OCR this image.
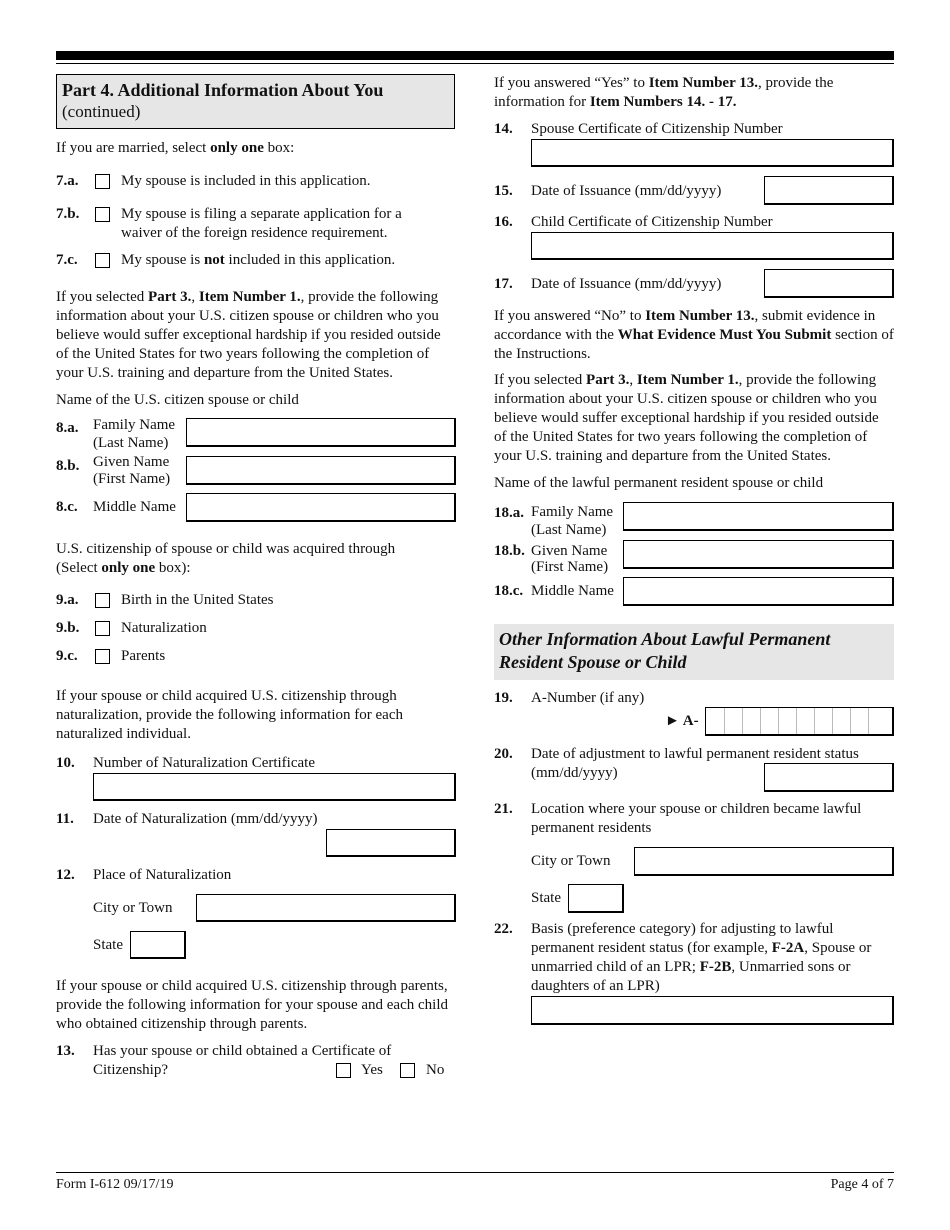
Part 4. Additional Information About You
(continued)
If you are married, select only one box:
7.a.	My spouse is included in this application.
7.b.	My spouse is filing a separate application for a waiver of the foreign residence requirement.
7.c.	My spouse is not included in this application.
If you selected Part 3., Item Number 1., provide the following information about your U.S. citizen spouse or children who you believe would suffer exceptional hardship if you resided outside of the United States for two years following the completion of your U.S. training and departure from the United States.
Name of the U.S. citizen spouse or child
8.a. Family Name
(Last Name)
8.b. Given Name
(First Name)
8.c. Middle Name
U.S. citizenship of spouse or child was acquired through
(Select only one box):
9.a.	Birth in the United States
9.b.	Naturalization
9.c.	Parents
If your spouse or child acquired U.S. citizenship through naturalization, provide the following information for each naturalized individual.
10. Number of Naturalization Certificate
11. Date of Naturalization (mm/dd/yyyy)
12. Place of Naturalization
City or Town
State
If your spouse or child acquired U.S. citizenship through parents, provide the following information for your spouse and each child who obtained citizenship through parents.
13. Has your spouse or child obtained a Certificate of
Citizenship?	Yes	No
If you answered “Yes” to Item Number 13., provide the information for Item Numbers 14. - 17.
14. Spouse Certificate of Citizenship Number
15. Date of Issuance (mm/dd/yyyy)
16. Child Certificate of Citizenship Number
17. Date of Issuance (mm/dd/yyyy)
If you answered “No” to Item Number 13., submit evidence in accordance with the What Evidence Must You Submit section of the Instructions.
If you selected Part 3., Item Number 1., provide the following information about your U.S. citizen spouse or children who you believe would suffer exceptional hardship if you resided outside of the United States for two years following the completion of your U.S. training and departure from the United States.
Name of the lawful permanent resident spouse or child
18.a. Family Name
(Last Name)
18.b. Given Name
(First Name)
18.c. Middle Name
Other Information About Lawful Permanent
Resident Spouse or Child
19. A-Number (if any)
► A-
20. Date of adjustment to lawful permanent resident status
(mm/dd/yyyy)
21. Location where your spouse or children became lawful
permanent residents
City or Town
State
22. Basis (preference category) for adjusting to lawful
permanent resident status (for example, F-2A, Spouse or
unmarried child of an LPR; F-2B, Unmarried sons or
daughters of an LPR)
Form I-612 09/17/19	Page 4 of 7
